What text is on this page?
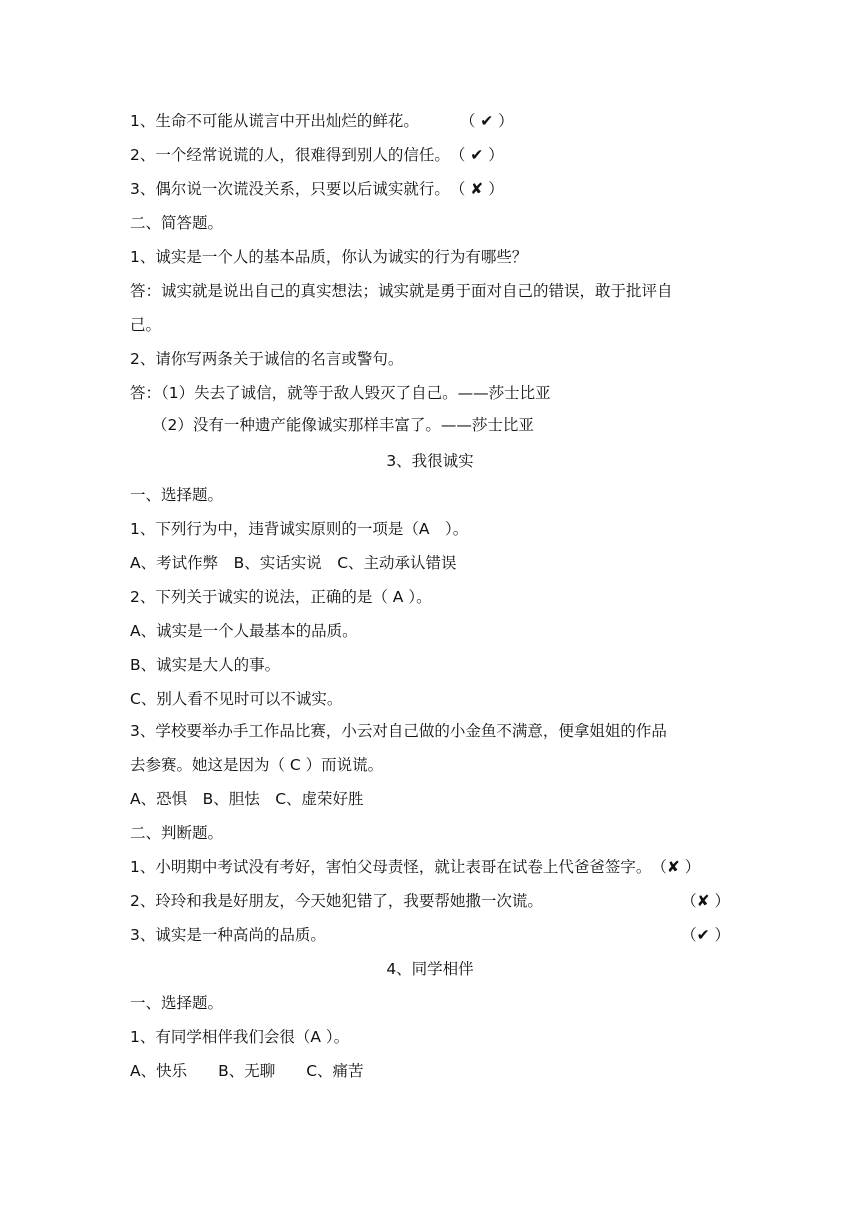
1、生命不可能从谎言中开出灿烂的鲜花。	（ ✔ ）
2、一个经常说谎的人，很难得到别人的信任。（ ✔ ）
3、偶尔说一次谎没关系，只要以后诚实就行。（ ✘ ）
二、简答题。
1、诚实是一个人的基本品质，你认为诚实的行为有哪些？
答：诚实就是说出自己的真实想法；诚实就是勇于面对自己的错误，敢于批评自
己。
2、请你写两条关于诚信的名言或警句。
答：（1）失去了诚信，就等于敌人毁灭了自己。——莎士比亚
（2）没有一种遗产能像诚实那样丰富了。——莎士比亚
3、我很诚实
一、选择题。
1、下列行为中，违背诚实原则的一项是（A　）。
A、考试作弊　B、实话实说　C、主动承认错误
2、下列关于诚实的说法，正确的是（ A ）。
A、诚实是一个人最基本的品质。
B、诚实是大人的事。
C、别人看不见时可以不诚实。
3、学校要举办手工作品比赛，小云对自己做的小金鱼不满意，便拿姐姐的作品
去参赛。她这是因为（ C ）而说谎。
A、恐惧　B、胆怯　C、虚荣好胜
二、判断题。
1、小明期中考试没有考好，害怕父母责怪，就让表哥在试卷上代爸爸签字。（✘ ）
2、玲玲和我是好朋友，今天她犯错了，我要帮她撒一次谎。	（✘ ）
3、诚实是一种高尚的品质。	（✔ ）
4、同学相伴
一、选择题。
1、有同学相伴我们会很（A ）。
A、快乐　　B、无聊　　C、痛苦
